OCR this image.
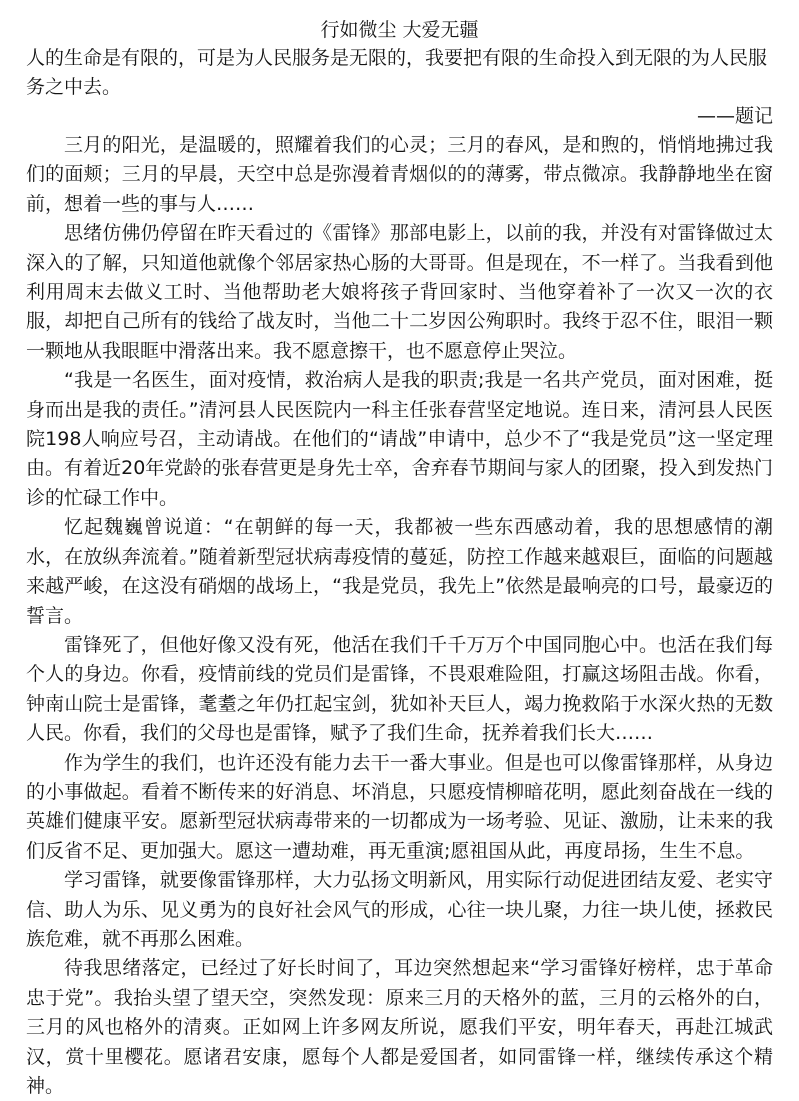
行如微尘 大爱无疆

人的生命是有限的，可是为人民服务是无限的，我要把有限的生命投入到无限的为人民服务之中去。

——题记

三月的阳光，是温暖的，照耀着我们的心灵；三月的春风，是和煦的，悄悄地拂过我们的面颊；三月的早晨，天空中总是弥漫着青烟似的的薄雾，带点微凉。我静静地坐在窗前，想着一些的事与人……

思绪仿佛仍停留在昨天看过的《雷锋》那部电影上，以前的我，并没有对雷锋做过太深入的了解，只知道他就像个邻居家热心肠的大哥哥。但是现在，不一样了。当我看到他利用周末去做义工时、当他帮助老大娘将孩子背回家时、当他穿着补了一次又一次的衣服，却把自己所有的钱给了战友时，当他二十二岁因公殉职时。我终于忍不住，眼泪一颗一颗地从我眼眶中滑落出来。我不愿意擦干，也不愿意停止哭泣。

“我是一名医生，面对疫情，救治病人是我的职责;我是一名共产党员，面对困难，挺身而出是我的责任。”清河县人民医院内一科主任张春营坚定地说。连日来，清河县人民医院198人响应号召，主动请战。在他们的“请战”申请中，总少不了“我是党员”这一坚定理由。有着近20年党龄的张春营更是身先士卒，舍弃春节期间与家人的团聚，投入到发热门诊的忙碌工作中。

忆起魏巍曾说道：“在朝鲜的每一天，我都被一些东西感动着，我的思想感情的潮水，在放纵奔流着。”随着新型冠状病毒疫情的蔓延，防控工作越来越艰巨，面临的问题越来越严峻，在这没有硝烟的战场上，“我是党员，我先上”依然是最响亮的口号，最豪迈的誓言。

雷锋死了，但他好像又没有死，他活在我们千千万万个中国同胞心中。也活在我们每个人的身边。你看，疫情前线的党员们是雷锋，不畏艰难险阻，打赢这场阻击战。你看，钟南山院士是雷锋，耄耋之年仍扛起宝剑，犹如补天巨人，竭力挽救陷于水深火热的无数人民。你看，我们的父母也是雷锋，赋予了我们生命，抚养着我们长大……

作为学生的我们，也许还没有能力去干一番大事业。但是也可以像雷锋那样，从身边的小事做起。看着不断传来的好消息、坏消息，只愿疫情柳暗花明，愿此刻奋战在一线的英雄们健康平安。愿新型冠状病毒带来的一切都成为一场考验、见证、激励，让未来的我们反省不足、更加强大。愿这一遭劫难，再无重演;愿祖国从此，再度昂扬，生生不息。

学习雷锋，就要像雷锋那样，大力弘扬文明新风，用实际行动促进团结友爱、老实守信、助人为乐、见义勇为的良好社会风气的形成，心往一块儿聚，力往一块儿使，拯救民族危难，就不再那么困难。

待我思绪落定，已经过了好长时间了，耳边突然想起来“学习雷锋好榜样，忠于革命忠于党”。我抬头望了望天空，突然发现：原来三月的天格外的蓝，三月的云格外的白，三月的风也格外的清爽。正如网上许多网友所说，愿我们平安，明年春天，再赴江城武汉，赏十里樱花。愿诸君安康，愿每个人都是爱国者，如同雷锋一样，继续传承这个精神。
